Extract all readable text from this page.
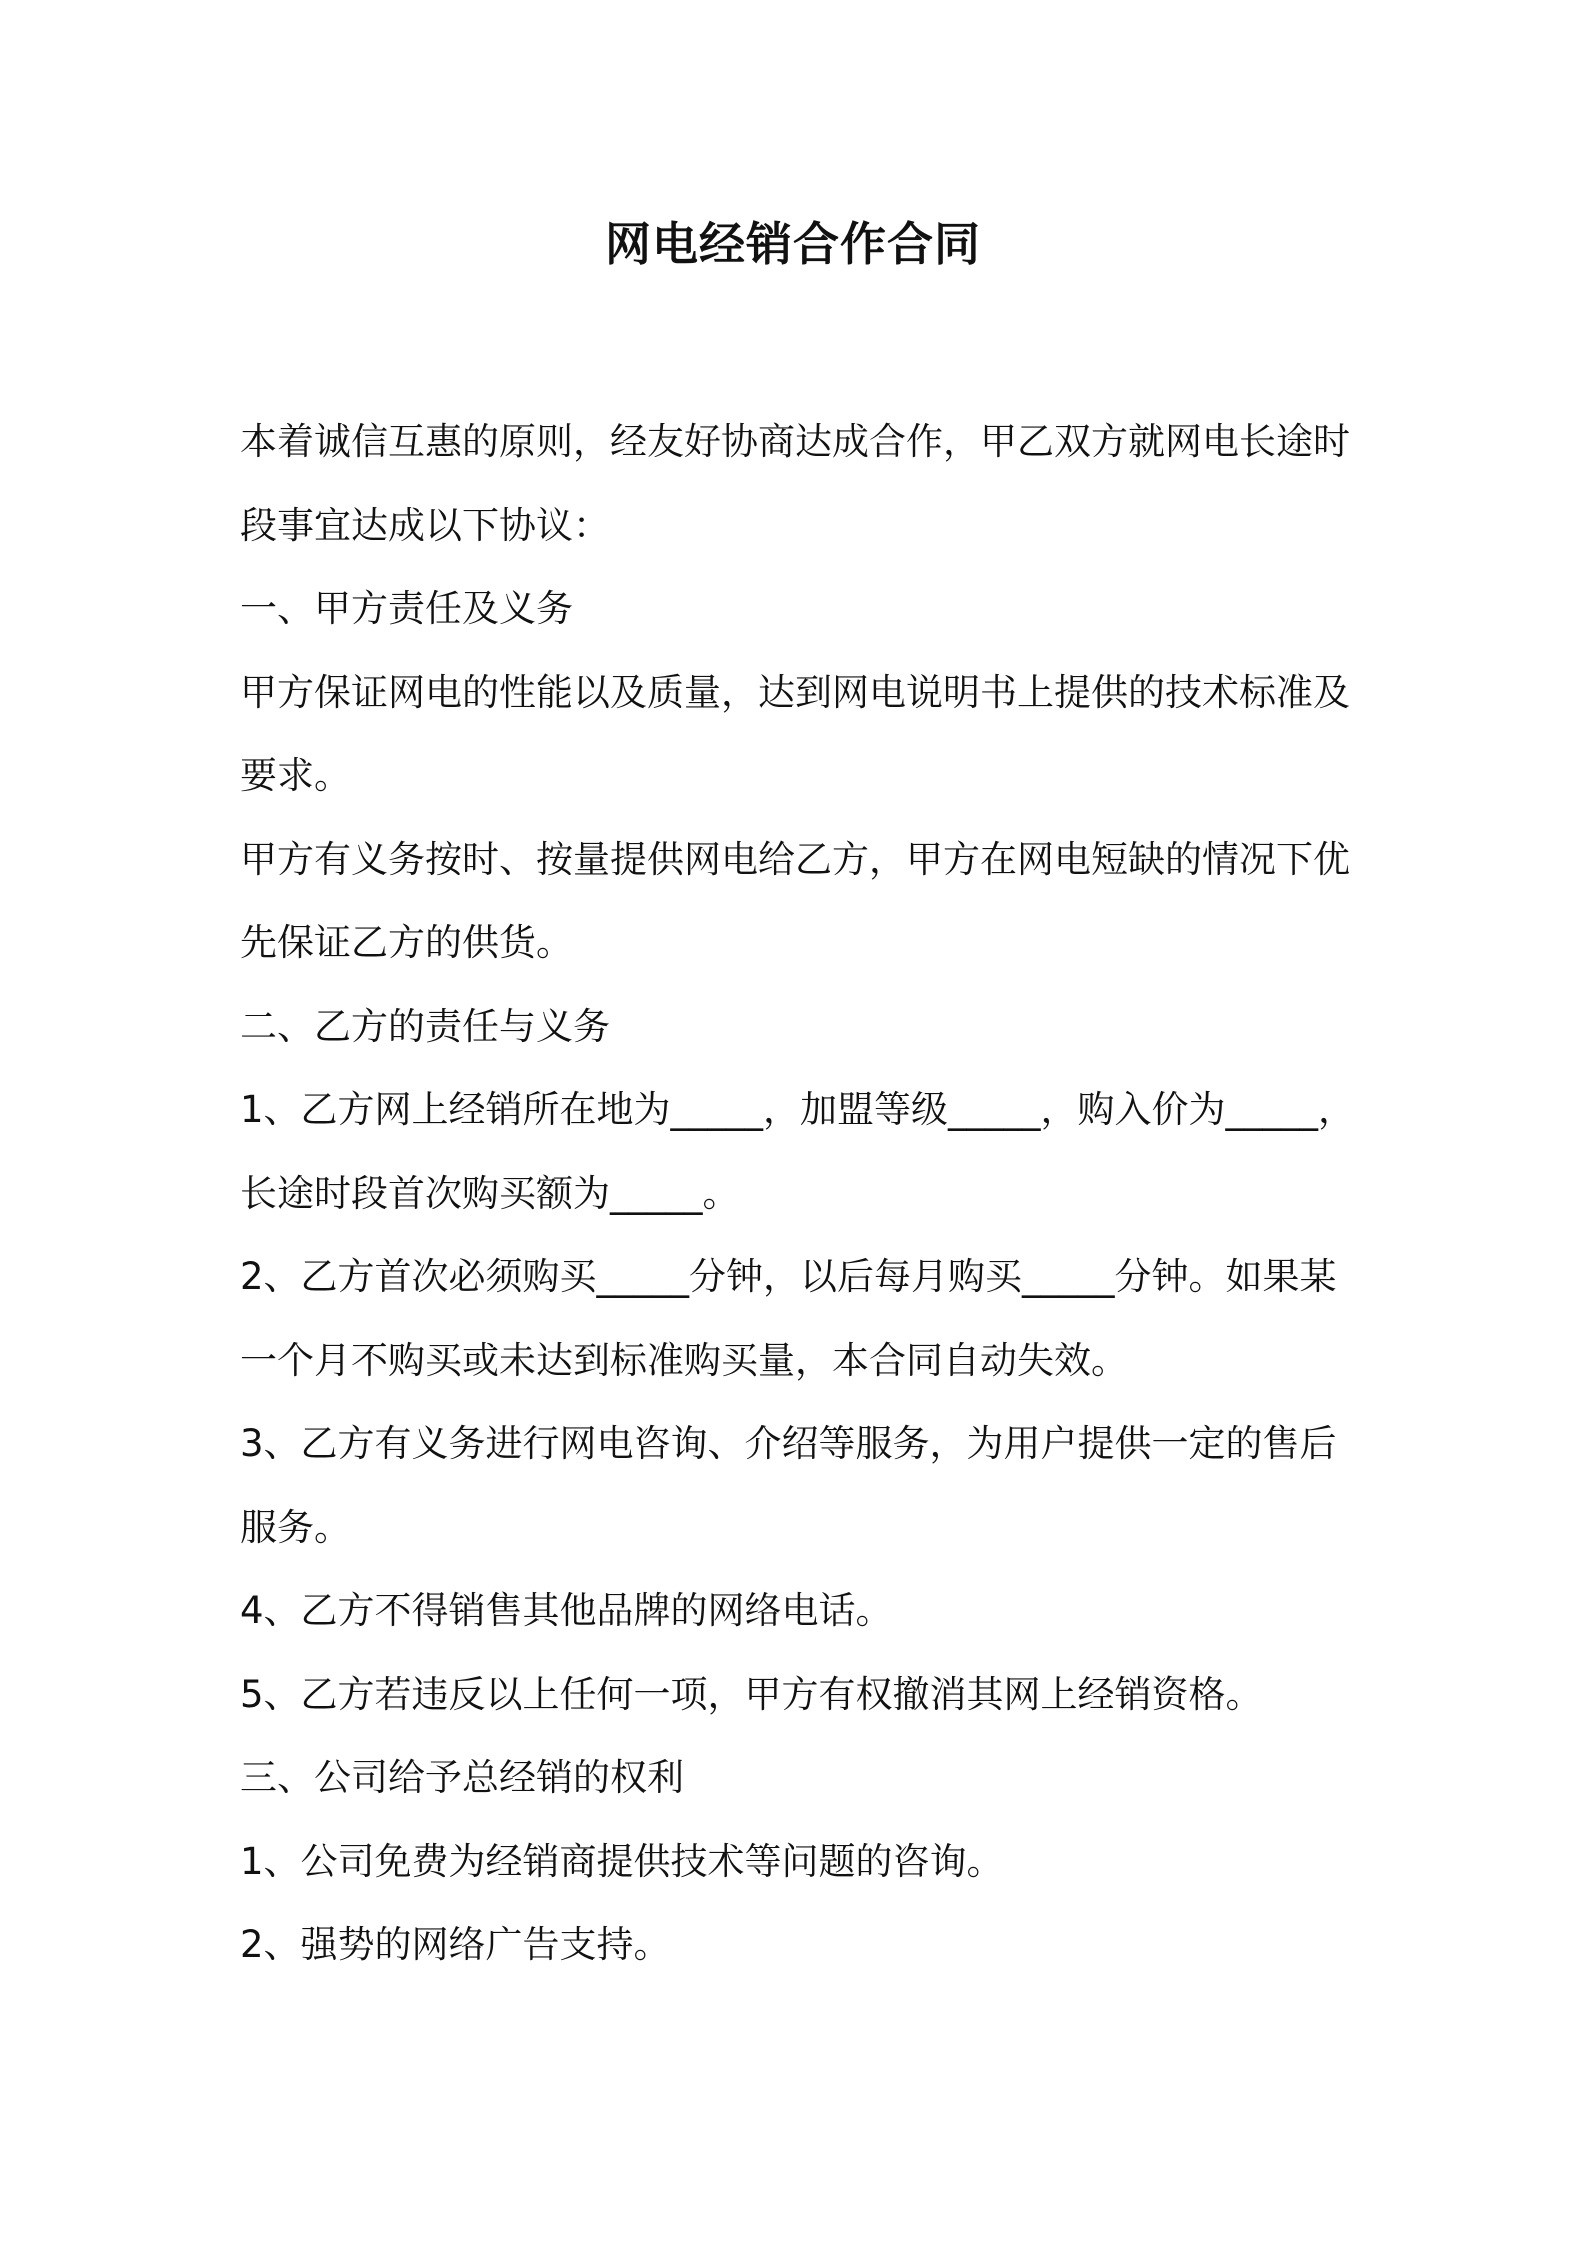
网电经销合作合同

本着诚信互惠的原则，经友好协商达成合作，甲乙双方就网电长途时段事宜达成以下协议：

一、甲方责任及义务

甲方保证网电的性能以及质量，达到网电说明书上提供的技术标准及要求。

甲方有义务按时、按量提供网电给乙方，甲方在网电短缺的情况下优先保证乙方的供货。

二、乙方的责任与义务

1、乙方网上经销所在地为_____，加盟等级_____，购入价为_____，长途时段首次购买额为_____。

2、乙方首次必须购买_____分钟，以后每月购买_____分钟。如果某一个月不购买或未达到标准购买量，本合同自动失效。

3、乙方有义务进行网电咨询、介绍等服务，为用户提供一定的售后服务。

4、乙方不得销售其他品牌的网络电话。

5、乙方若违反以上任何一项，甲方有权撤消其网上经销资格。

三、公司给予总经销的权利

1、公司免费为经销商提供技术等问题的咨询。

2、强势的网络广告支持。
